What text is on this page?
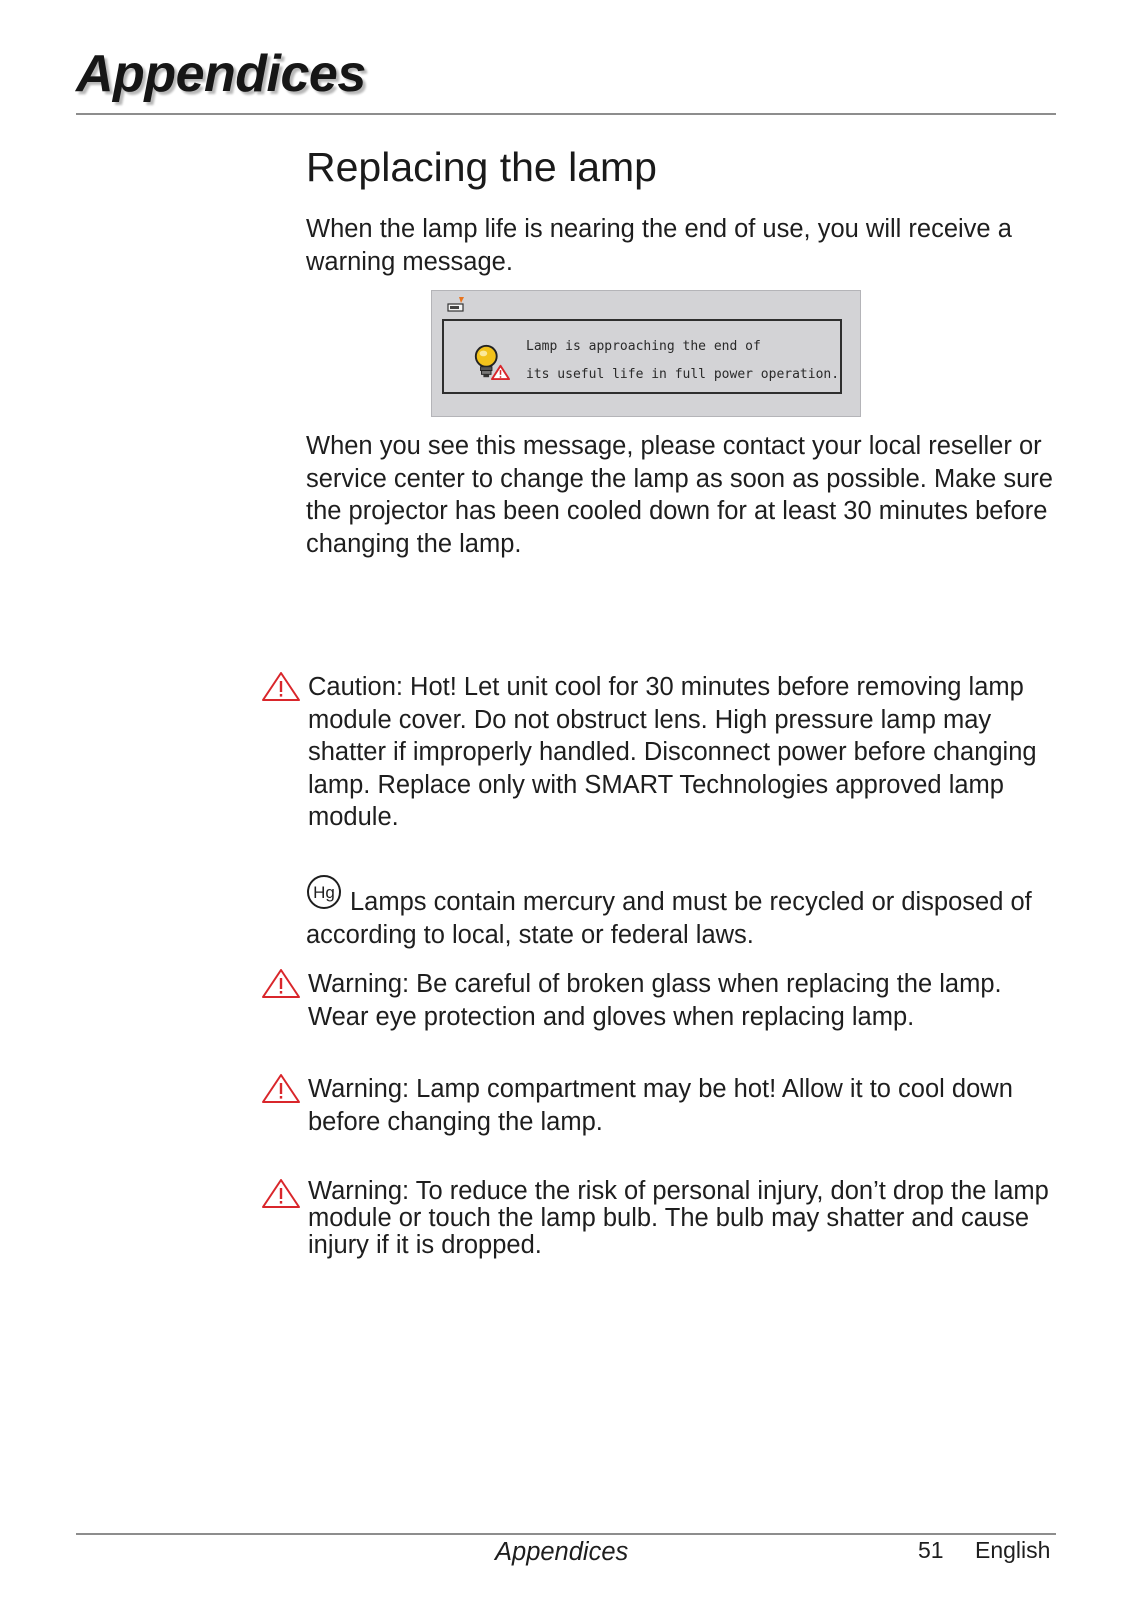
Appendices
Replacing the lamp

When the lamp life is nearing the end of use, you will receive a warning message.

Lamp is approaching the end of
its useful life in full power operation.

When you see this message, please contact your local reseller or service center to change the lamp as soon as possible. Make sure the projector has been cooled down for at least 30 minutes before changing the lamp.

Caution: Hot! Let unit cool for 30 minutes before removing lamp module cover. Do not obstruct lens. High pressure lamp may shatter if improperly handled. Disconnect power before changing lamp. Replace only with SMART Technologies approved lamp module.

Hg Lamps contain mercury and must be recycled or disposed of according to local, state or federal laws.

Warning: Be careful of broken glass when replacing the lamp. Wear eye protection and gloves when replacing lamp.

Warning: Lamp compartment may be hot! Allow it to cool down before changing the lamp.

Warning: To reduce the risk of personal injury, don’t drop the lamp module or touch the lamp bulb. The bulb may shatter and cause injury if it is dropped.

Appendices	51 English
